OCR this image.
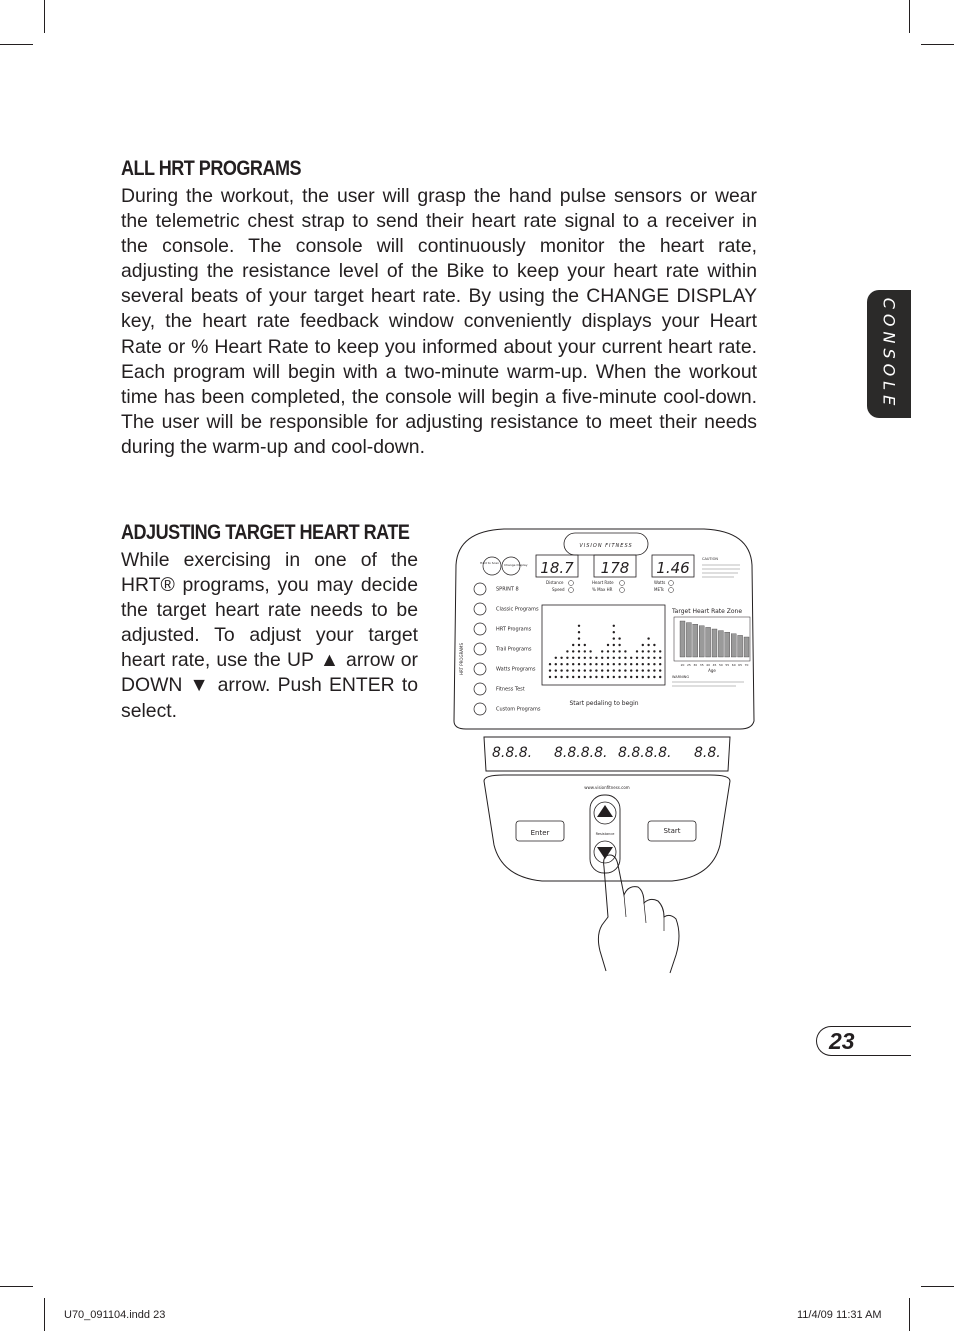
ALL HRT PROGRAMS

During the workout, the user will grasp the hand pulse sensors or wear the telemetric chest strap to send their heart rate signal to a receiver in the console. The console will continuously monitor the heart rate, adjusting the resistance level of the Bike to keep your heart rate within several beats of your target heart rate. By using the CHANGE DISPLAY key, the heart rate feedback window conveniently displays your Heart Rate or % Heart Rate to keep you informed about your current heart rate. Each program will begin with a two-minute warm-up. When the workout time has been completed, the console will begin a five-minute cool-down. The user will be responsible for adjusting resistance to meet their needs during the warm-up and cool-down.

ADJUSTING TARGET HEART RATE

While exercising in one of the HRT® programs, you may decide the target heart rate needs to be adjusted. To adjust your target heart rate, use the UP ▲ arrow or DOWN ▼ arrow. Push ENTER to select.

CONSOLE
23
U70_091104.indd 23	11/4/09 11:31 AM
VISION FITNESS
Hold to Scan Change Display 18.7 178 1.46	CAUTION
Distance
Speed
Heart Rate
% Max HR
Watts
METs
SPRINT 8
Classic Programs
HRT Programs
Trail Programs
Watts Programs
Fitness Test
Custom Programs
HRT PROGRAMS
Target Heart Rate Zone
20 25 30 35 40 45 50 55 60 65 70
Age
WARNING
Start pedaling to begin
8.8.8. 8.8.8.8. 8.8.8.8. 8.8.
www.visionfitness.com
Enter	Start
Resistance
